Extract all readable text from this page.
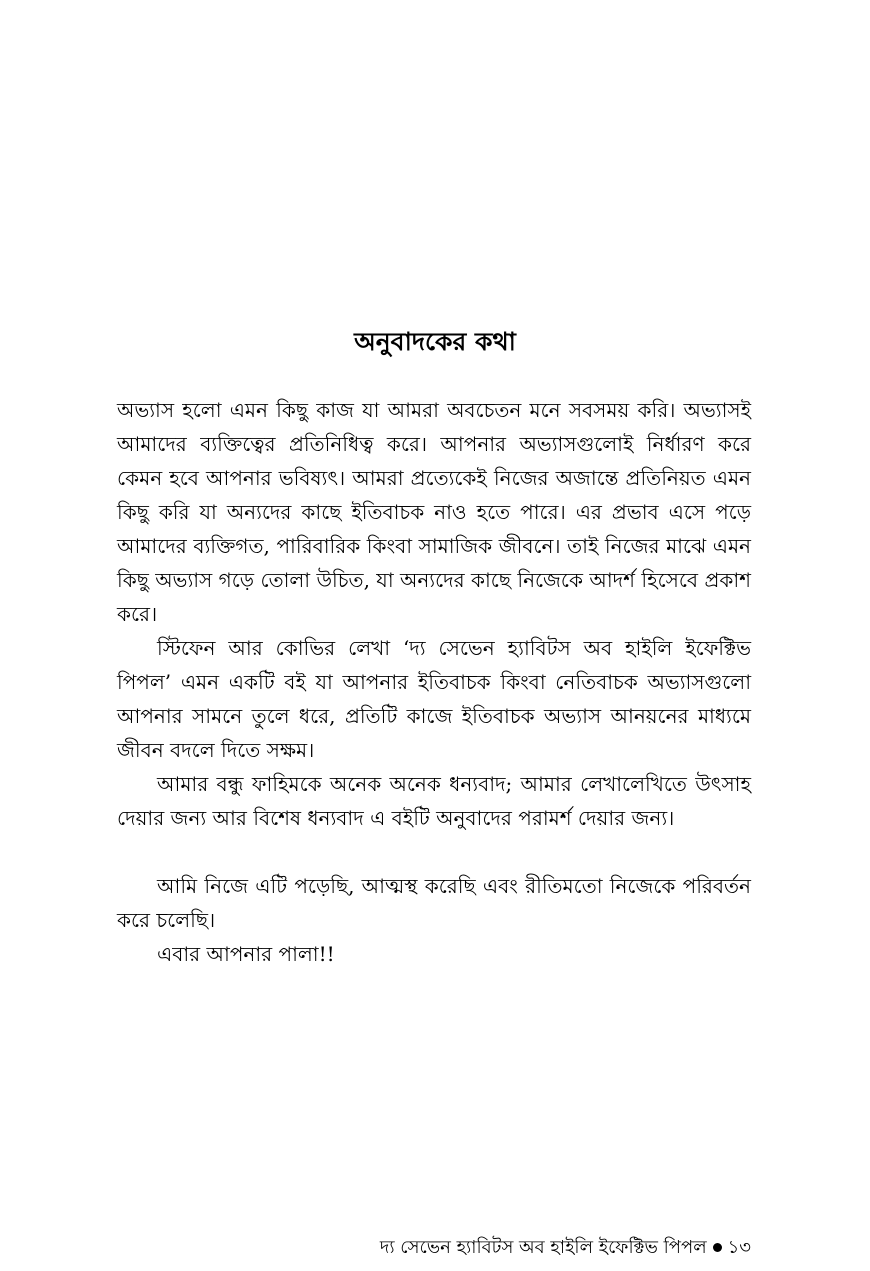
অনুবাদকের কথা

অভ্যাস হলো এমন কিছু কাজ যা আমরা অবচেতন মনে সবসময় করি। অভ্যাসই আমাদের ব্যক্তিত্বের প্রতিনিধিত্ব করে। আপনার অভ্যাসগুলোই নির্ধারণ করে কেমন হবে আপনার ভবিষ্যৎ। আমরা প্রত্যেকেই নিজের অজান্তে প্রতিনিয়ত এমন কিছু করি যা অন্যদের কাছে ইতিবাচক নাও হতে পারে। এর প্রভাব এসে পড়ে আমাদের ব্যক্তিগত, পারিবারিক কিংবা সামাজিক জীবনে। তাই নিজের মাঝে এমন কিছু অভ্যাস গড়ে তোলা উচিত, যা অন্যদের কাছে নিজেকে আদর্শ হিসেবে প্রকাশ করে।

স্টিফেন আর কোভির লেখা ‘দ্য সেভেন হ্যাবিটস অব হাইলি ইফেক্টিভ পিপল’ এমন একটি বই যা আপনার ইতিবাচক কিংবা নেতিবাচক অভ্যাসগুলো আপনার সামনে তুলে ধরে, প্রতিটি কাজে ইতিবাচক অভ্যাস আনয়নের মাধ্যমে জীবন বদলে দিতে সক্ষম।

আমার বন্ধু ফাহিমকে অনেক অনেক ধন্যবাদ; আমার লেখালেখিতে উৎসাহ দেয়ার জন্য আর বিশেষ ধন্যবাদ এ বইটি অনুবাদের পরামর্শ দেয়ার জন্য।

আমি নিজে এটি পড়েছি, আত্মস্থ করেছি এবং রীতিমতো নিজেকে পরিবর্তন করে চলেছি।

এবার আপনার পালা!!

দ্য সেভেন হ্যাবিটস অব হাইলি ইফেক্টিভ পিপল ১৩
